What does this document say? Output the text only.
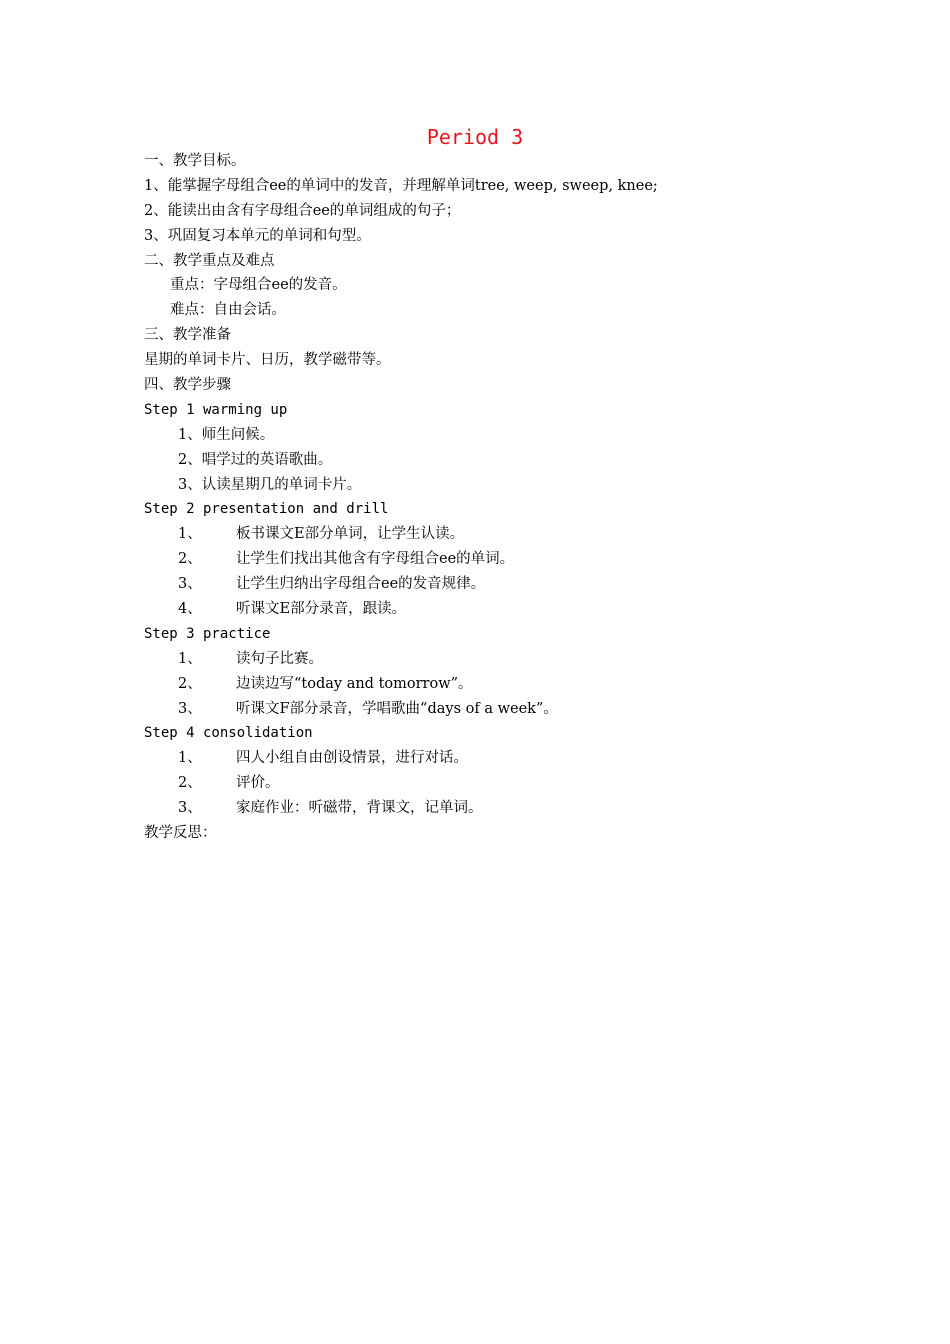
Period 3
一、教学目标。
1、能掌握字母组合ee的单词中的发音，并理解单词tree, weep, sweep, knee;
2、能读出由含有字母组合ee的单词组成的句子；
3、巩固复习本单元的单词和句型。
二、教学重点及难点
重点：字母组合ee的发音。
难点：自由会话。
三、教学准备
星期的单词卡片、日历，教学磁带等。
四、教学步骤
Step 1 warming up
1、师生问候。
2、唱学过的英语歌曲。
3、认读星期几的单词卡片。
Step 2 presentation and drill
1、	板书课文E部分单词，让学生认读。
2、	让学生们找出其他含有字母组合ee的单词。
3、	让学生归纳出字母组合ee的发音规律。
4、	听课文E部分录音，跟读。
Step 3 practice
1、	读句子比赛。
2、	边读边写“today and tomorrow”。
3、	听课文F部分录音，学唱歌曲“days of a week”。
Step 4 consolidation
1、	四人小组自由创设情景，进行对话。
2、	评价。
3、	家庭作业：听磁带，背课文，记单词。
教学反思：
